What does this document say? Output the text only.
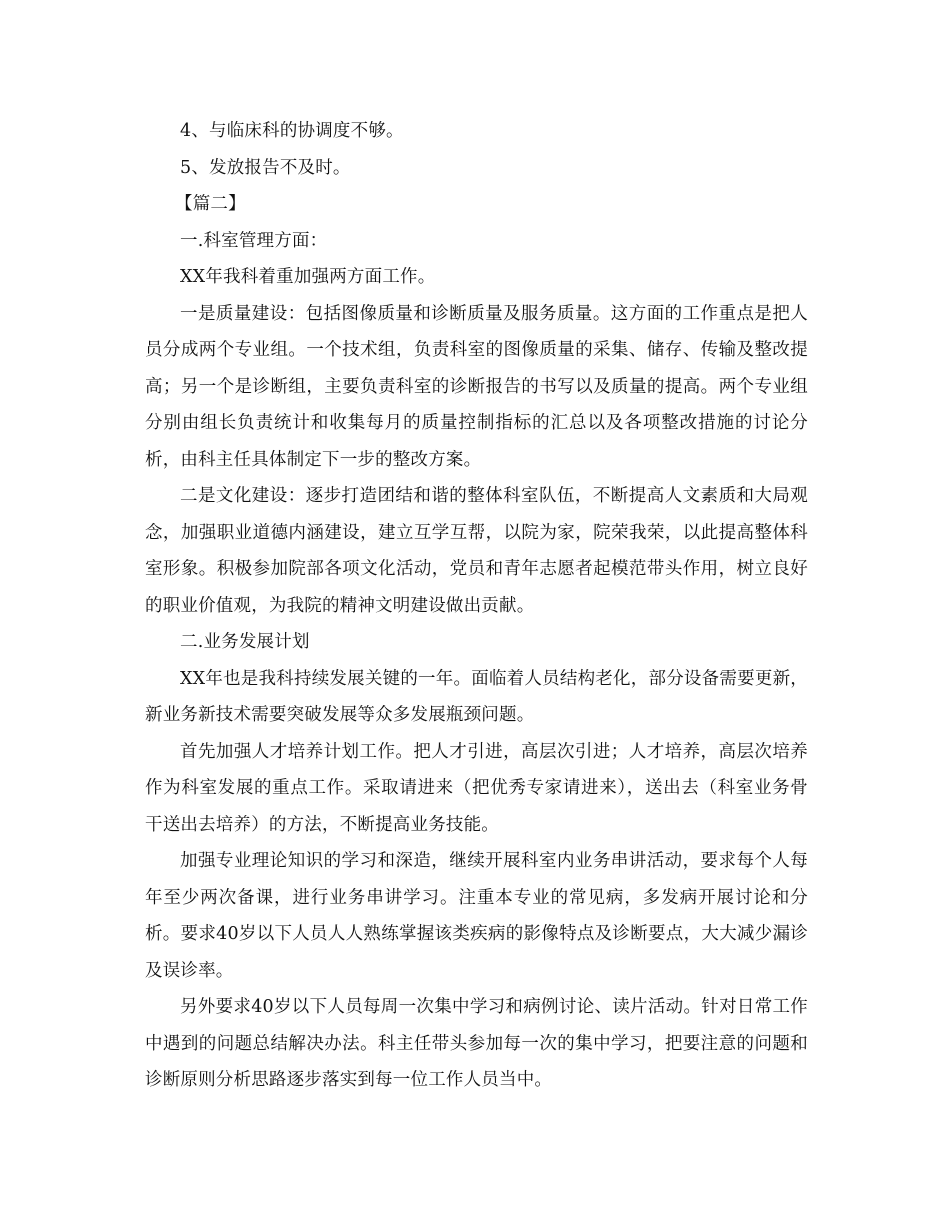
4、与临床科的协调度不够。

5、发放报告不及时。

【篇二】

一.科室管理方面：

XX年我科着重加强两方面工作。

一是质量建设：包括图像质量和诊断质量及服务质量。这方面的工作重点是把人员分成两个专业组。一个技术组，负责科室的图像质量的采集、储存、传输及整改提高；另一个是诊断组，主要负责科室的诊断报告的书写以及质量的提高。两个专业组分别由组长负责统计和收集每月的质量控制指标的汇总以及各项整改措施的讨论分析，由科主任具体制定下一步的整改方案。

二是文化建设：逐步打造团结和谐的整体科室队伍，不断提高人文素质和大局观念，加强职业道德内涵建设，建立互学互帮，以院为家，院荣我荣，以此提高整体科室形象。积极参加院部各项文化活动，党员和青年志愿者起模范带头作用，树立良好的职业价值观，为我院的精神文明建设做出贡献。

二.业务发展计划

XX年也是我科持续发展关键的一年。面临着人员结构老化，部分设备需要更新，新业务新技术需要突破发展等众多发展瓶颈问题。

首先加强人才培养计划工作。把人才引进，高层次引进；人才培养，高层次培养作为科室发展的重点工作。采取请进来（把优秀专家请进来），送出去（科室业务骨干送出去培养）的方法，不断提高业务技能。

加强专业理论知识的学习和深造，继续开展科室内业务串讲活动，要求每个人每年至少两次备课，进行业务串讲学习。注重本专业的常见病，多发病开展讨论和分析。要求40岁以下人员人人熟练掌握该类疾病的影像特点及诊断要点，大大减少漏诊及误诊率。

另外要求40岁以下人员每周一次集中学习和病例讨论、读片活动。针对日常工作中遇到的问题总结解决办法。科主任带头参加每一次的集中学习，把要注意的问题和诊断原则分析思路逐步落实到每一位工作人员当中。
